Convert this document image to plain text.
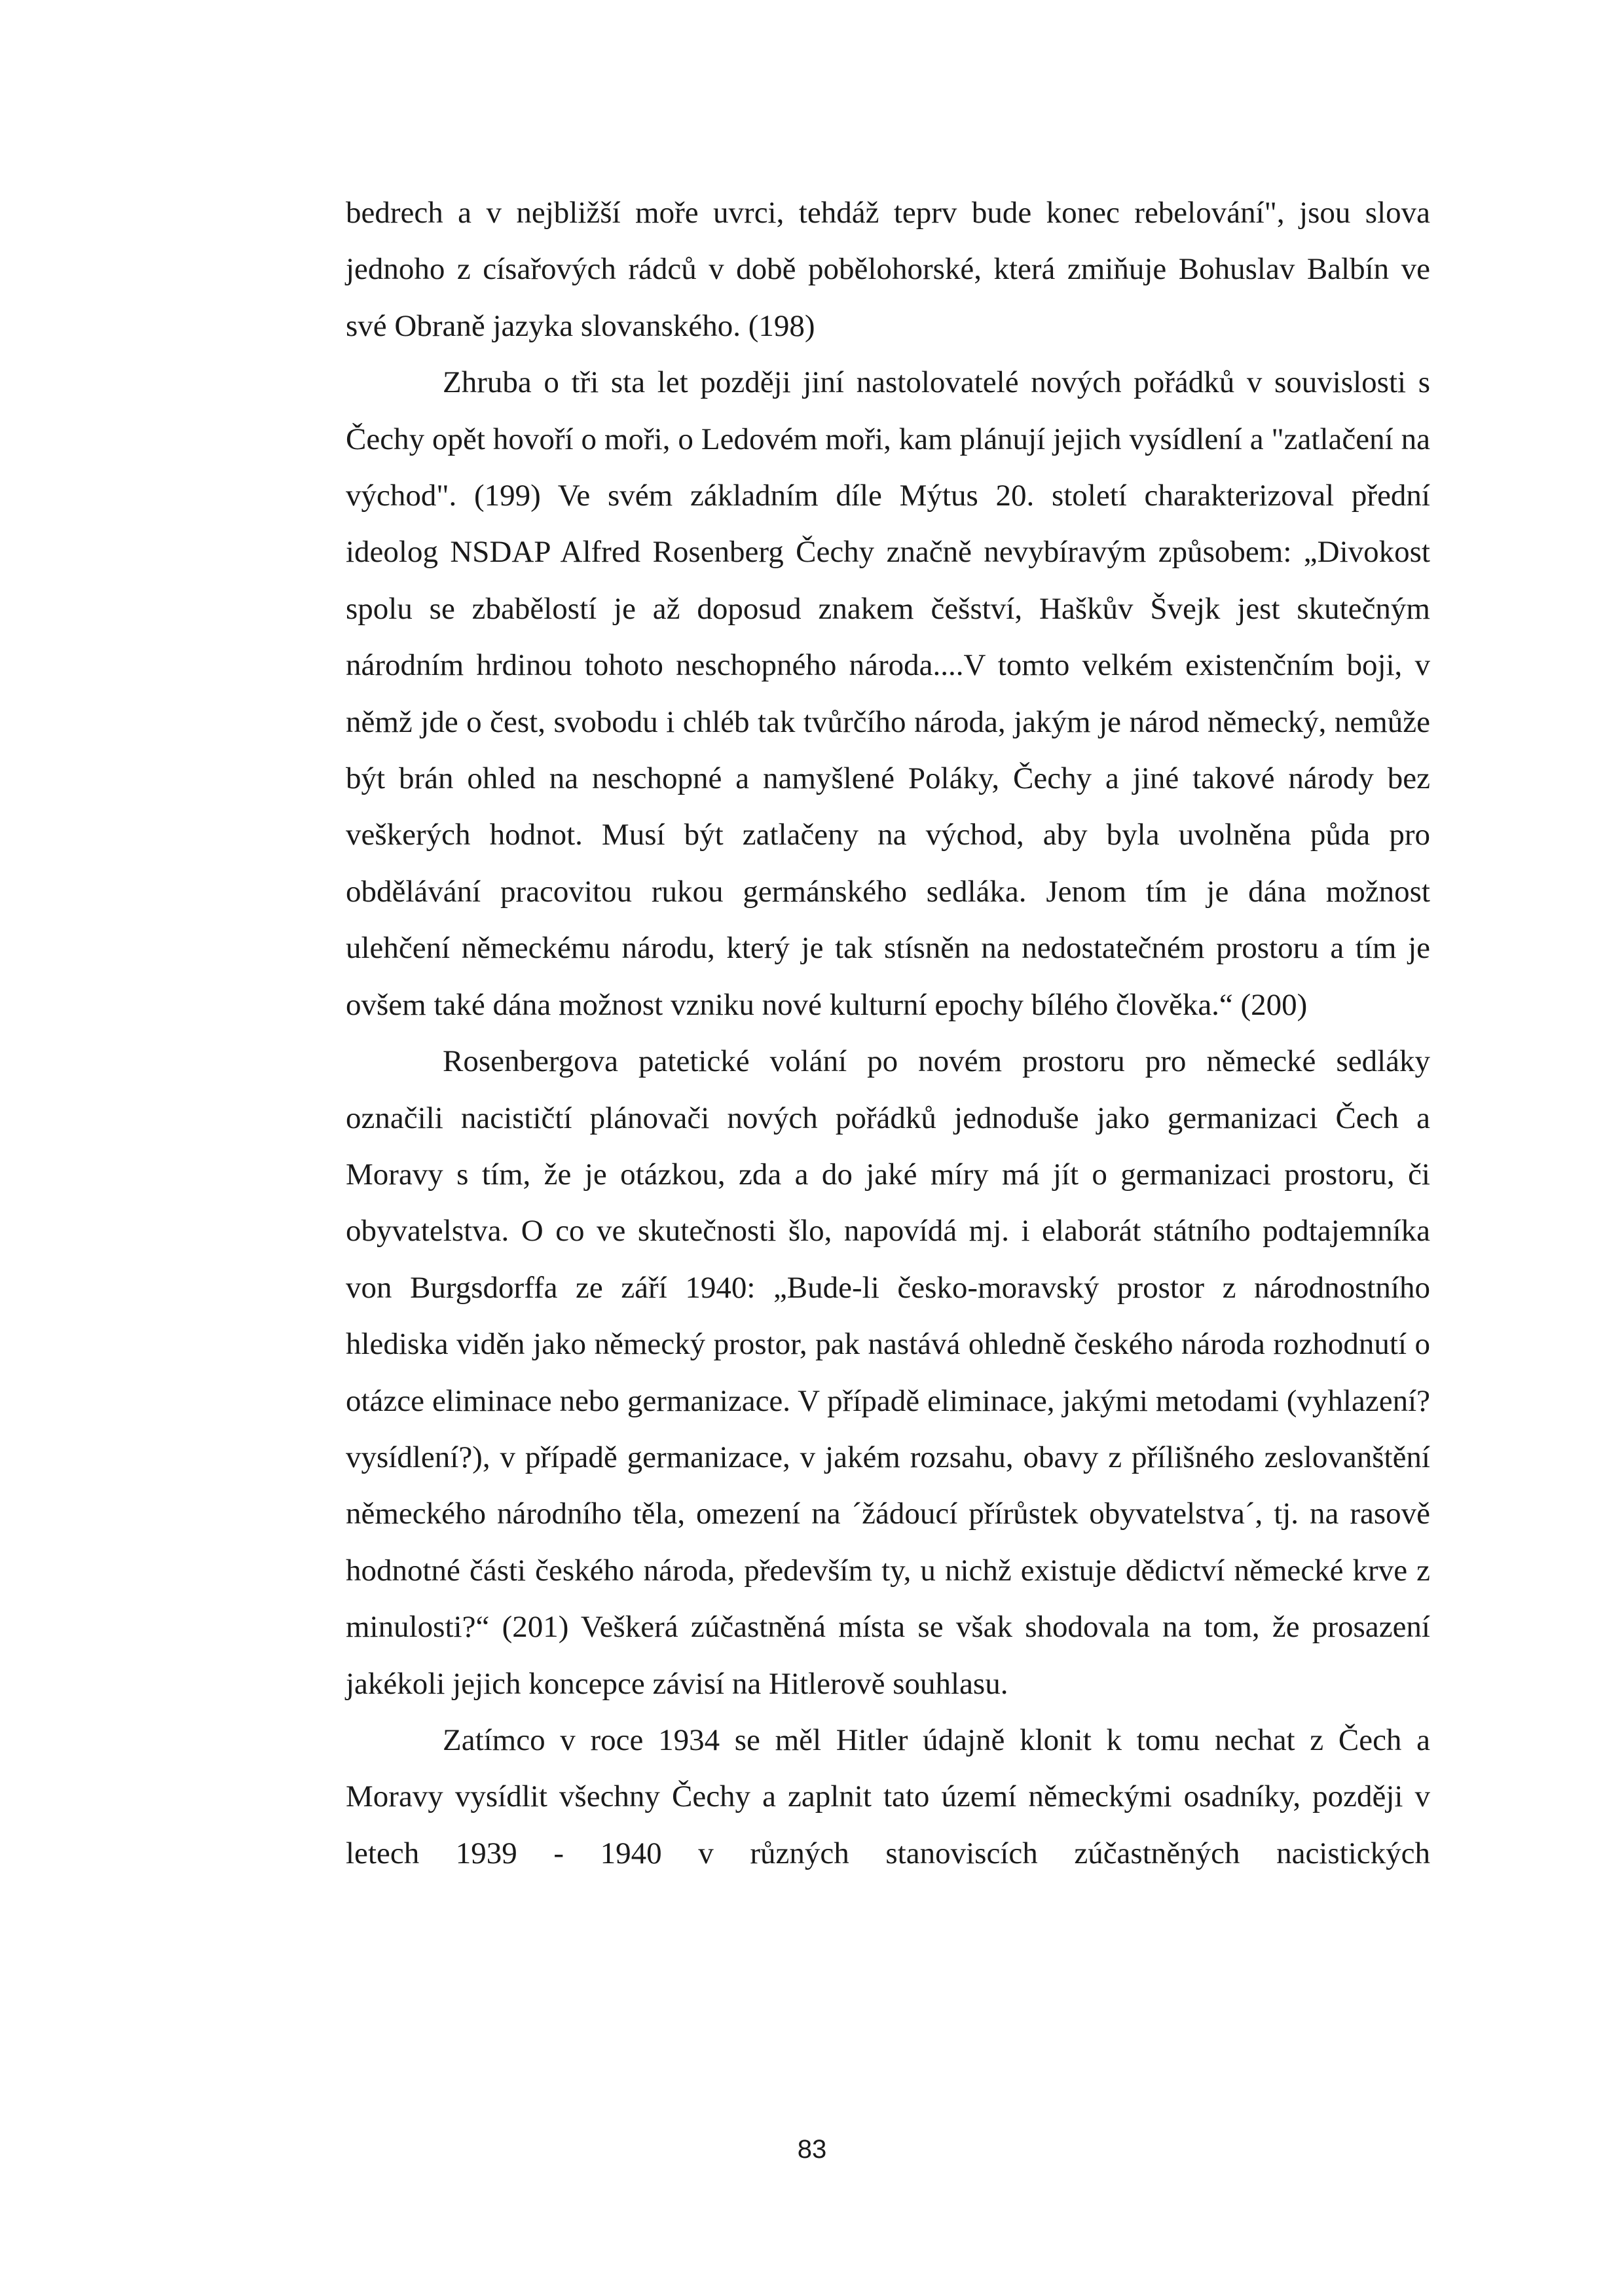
bedrech a v nejbližší moře uvrci, tehdáž teprv bude konec rebelování", jsou slova jednoho z císařových rádců v době pobělohorské, která zmiňuje Bohuslav Balbín ve své Obraně jazyka slovanského. (198)

Zhruba o tři sta let později jiní nastolovatelé nových pořádků v souvislosti s Čechy opět hovoří o moři, o Ledovém moři, kam plánují jejich vysídlení a "zatlačení na východ". (199) Ve svém základním díle Mýtus 20. století charakterizoval přední ideolog NSDAP Alfred Rosenberg Čechy značně nevybíravým způsobem: „Divokost spolu se zbabělostí je až doposud znakem češství, Haškův Švejk jest skutečným národním hrdinou tohoto neschopného národa....V tomto velkém existenčním boji, v němž jde o čest, svobodu i chléb tak tvůrčího národa, jakým je národ německý, nemůže být brán ohled na neschopné a namyšlené Poláky, Čechy a jiné takové národy bez veškerých hodnot. Musí být zatlačeny na východ, aby byla uvolněna půda pro obdělávání pracovitou rukou germánského sedláka. Jenom tím je dána možnost ulehčení německému národu, který je tak stísněn na nedostatečném prostoru a tím je ovšem také dána možnost vzniku nové kulturní epochy bílého člověka.“ (200)

Rosenbergova patetické volání po novém prostoru pro německé sedláky označili nacističtí plánovači nových pořádků jednoduše jako germanizaci Čech a Moravy s tím, že je otázkou, zda a do jaké míry má jít o germanizaci prostoru, či obyvatelstva. O co ve skutečnosti šlo, napovídá mj. i elaborát státního podtajemníka von Burgsdorffa ze září 1940: „Bude-li česko-moravský prostor z národnostního hlediska viděn jako německý prostor, pak nastává ohledně českého národa rozhodnutí o otázce eliminace nebo germanizace. V případě eliminace, jakými metodami (vyhlazení? vysídlení?), v případě germanizace, v jakém rozsahu, obavy z přílišného zeslovanštění německého národního těla, omezení na ´žádoucí přírůstek obyvatelstva´, tj. na rasově hodnotné části českého národa, především ty, u nichž existuje dědictví německé krve z minulosti?“ (201) Veškerá zúčastněná místa se však shodovala na tom, že prosazení jakékoli jejich koncepce závisí na Hitlerově souhlasu.

Zatímco v roce 1934 se měl Hitler údajně klonit k tomu nechat z Čech a Moravy vysídlit všechny Čechy a zaplnit tato území německými osadníky, později v letech 1939 - 1940 v různých stanoviscích zúčastněných nacistických

83
